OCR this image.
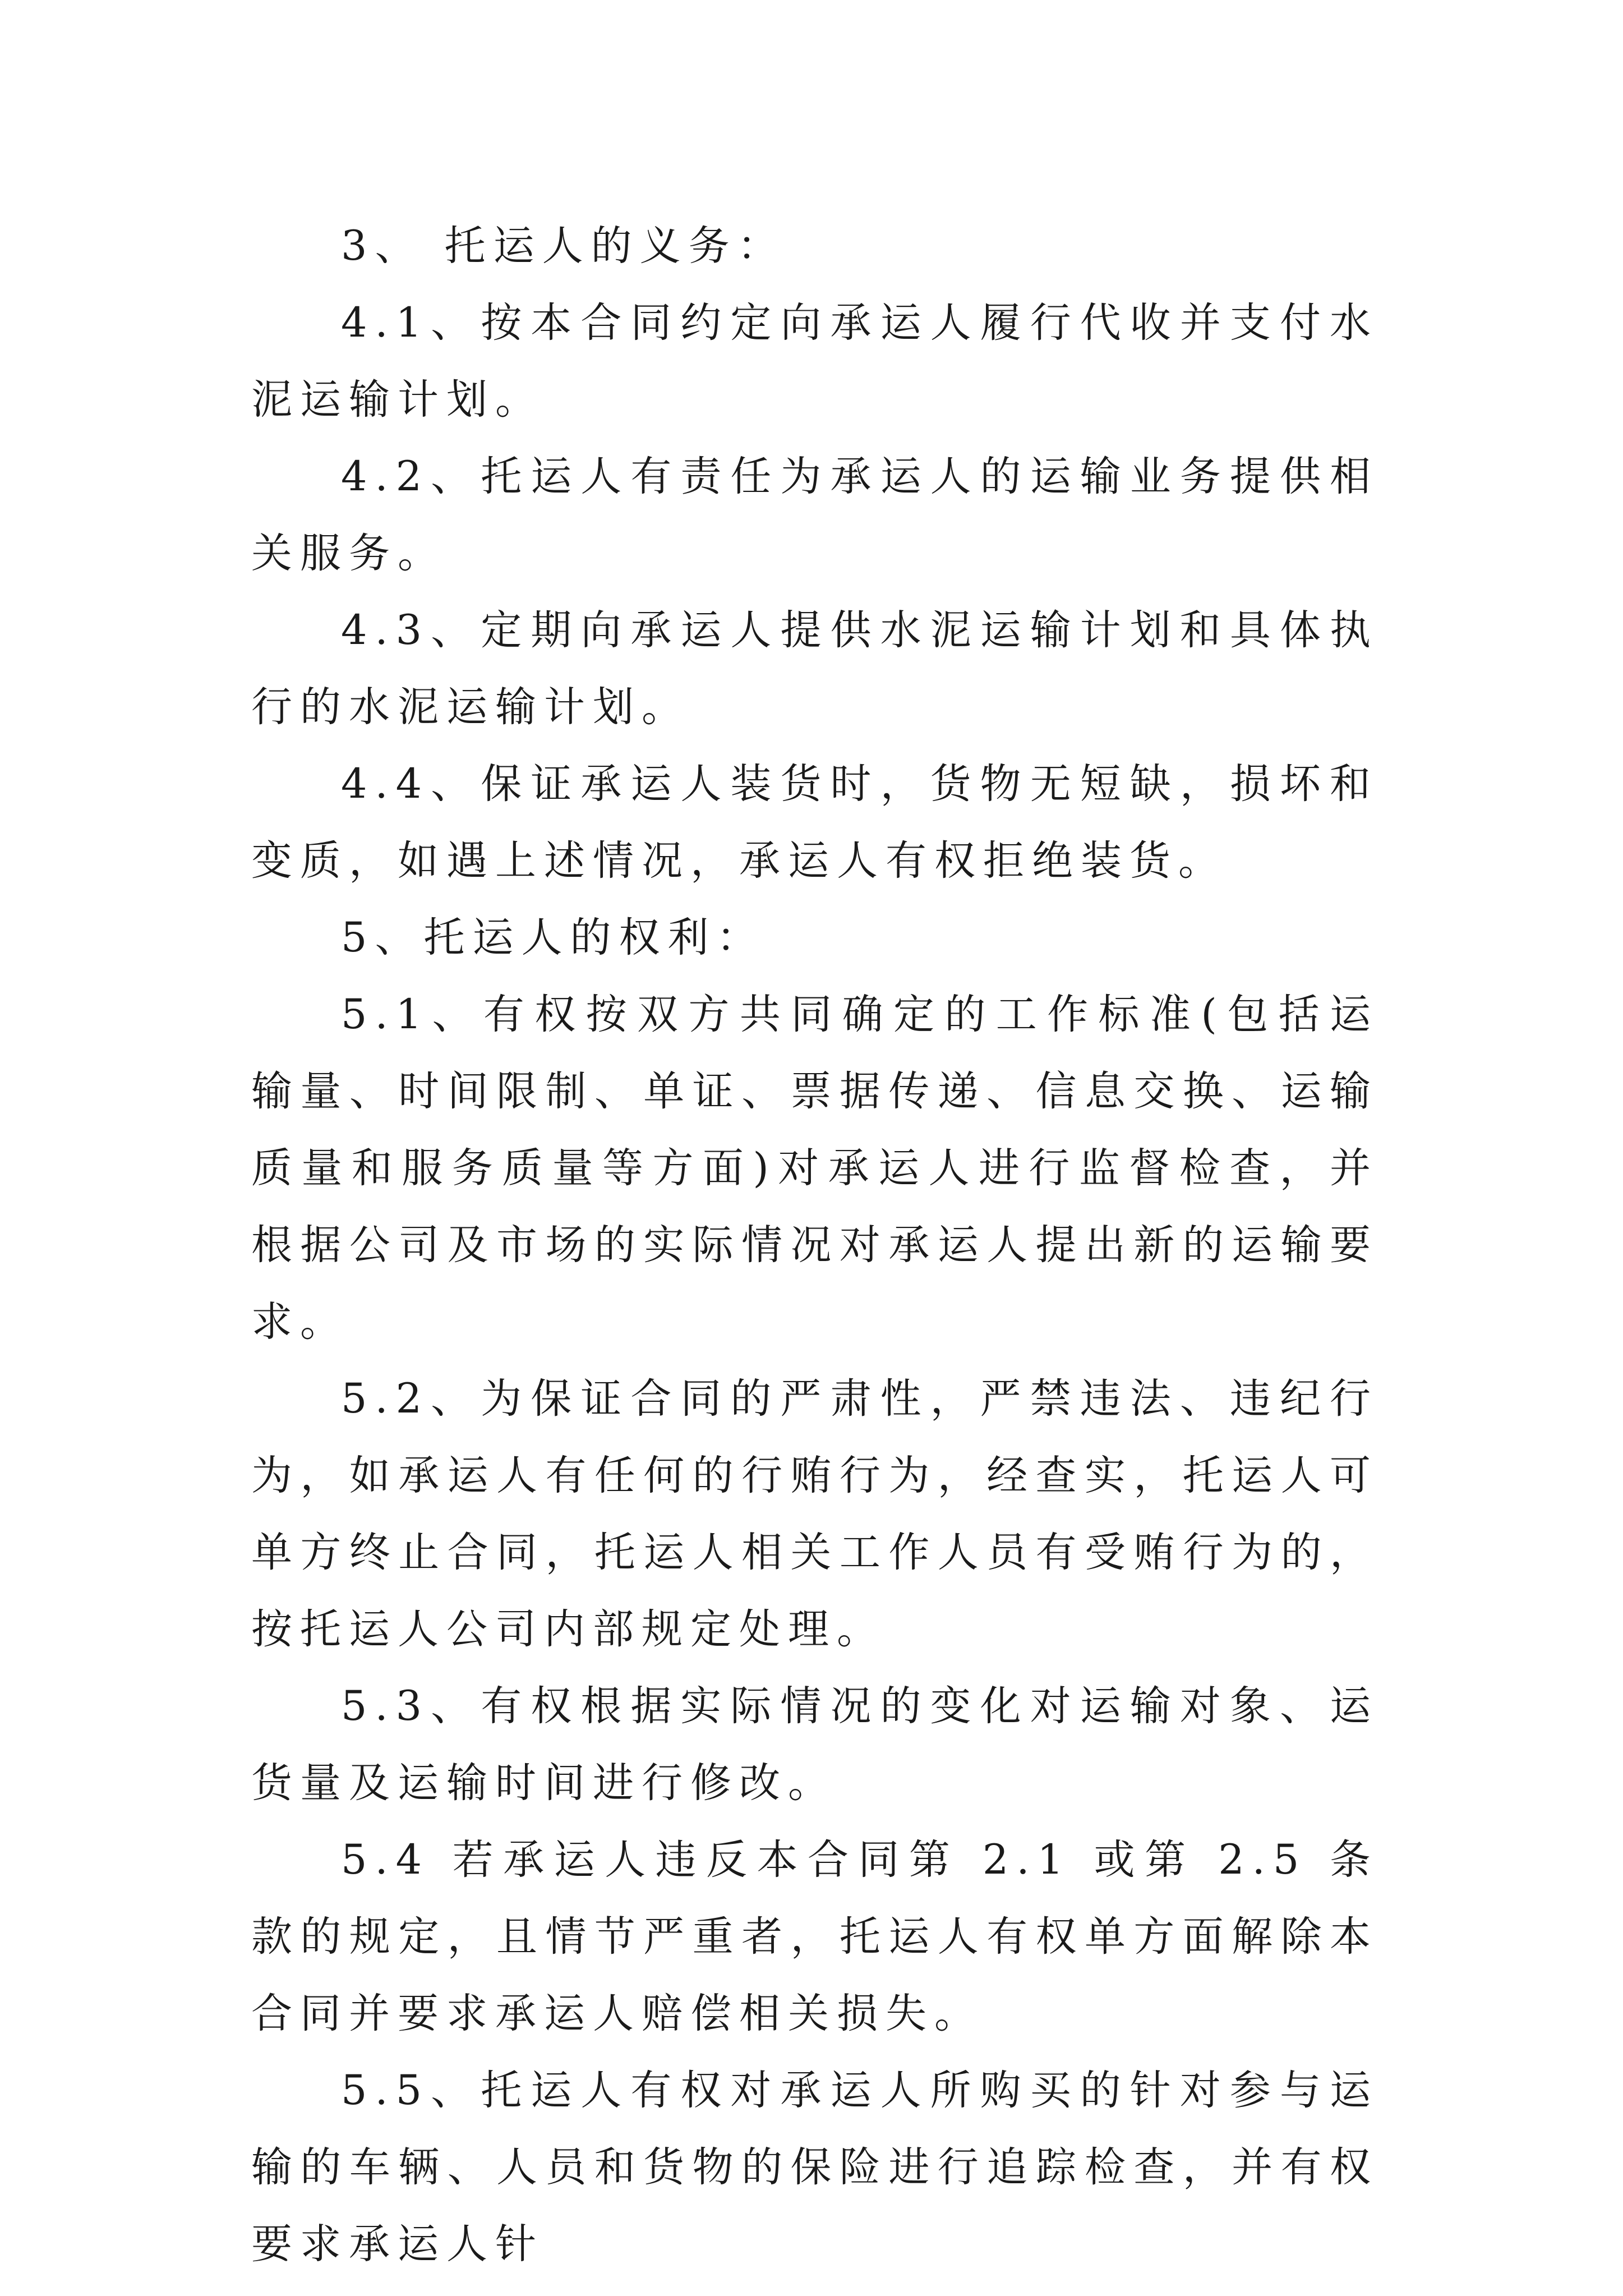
3、 托运人的义务：

4.1、按本合同约定向承运人履行代收并支付水泥运输计划。

4.2、托运人有责任为承运人的运输业务提供相关服务。

4.3、定期向承运人提供水泥运输计划和具体执行的水泥运输计划。

4.4、保证承运人装货时，货物无短缺，损坏和变质，如遇上述情况，承运人有权拒绝装货。

5、托运人的权利：

5.1、有权按双方共同确定的工作标准(包括运输量、时间限制、单证、票据传递、信息交换、运输质量和服务质量等方面)对承运人进行监督检查，并根据公司及市场的实际情况对承运人提出新的运输要求。

5.2、为保证合同的严肃性，严禁违法、违纪行为，如承运人有任何的行贿行为，经查实，托运人可单方终止合同，托运人相关工作人员有受贿行为的，按托运人公司内部规定处理。

5.3、有权根据实际情况的变化对运输对象、运货量及运输时间进行修改。

5.4 若承运人违反本合同第 2.1 或第 2.5 条款的规定，且情节严重者，托运人有权单方面解除本合同并要求承运人赔偿相关损失。

5.5、托运人有权对承运人所购买的针对参与运输的车辆、人员和货物的保险进行追踪检查，并有权要求承运人针
